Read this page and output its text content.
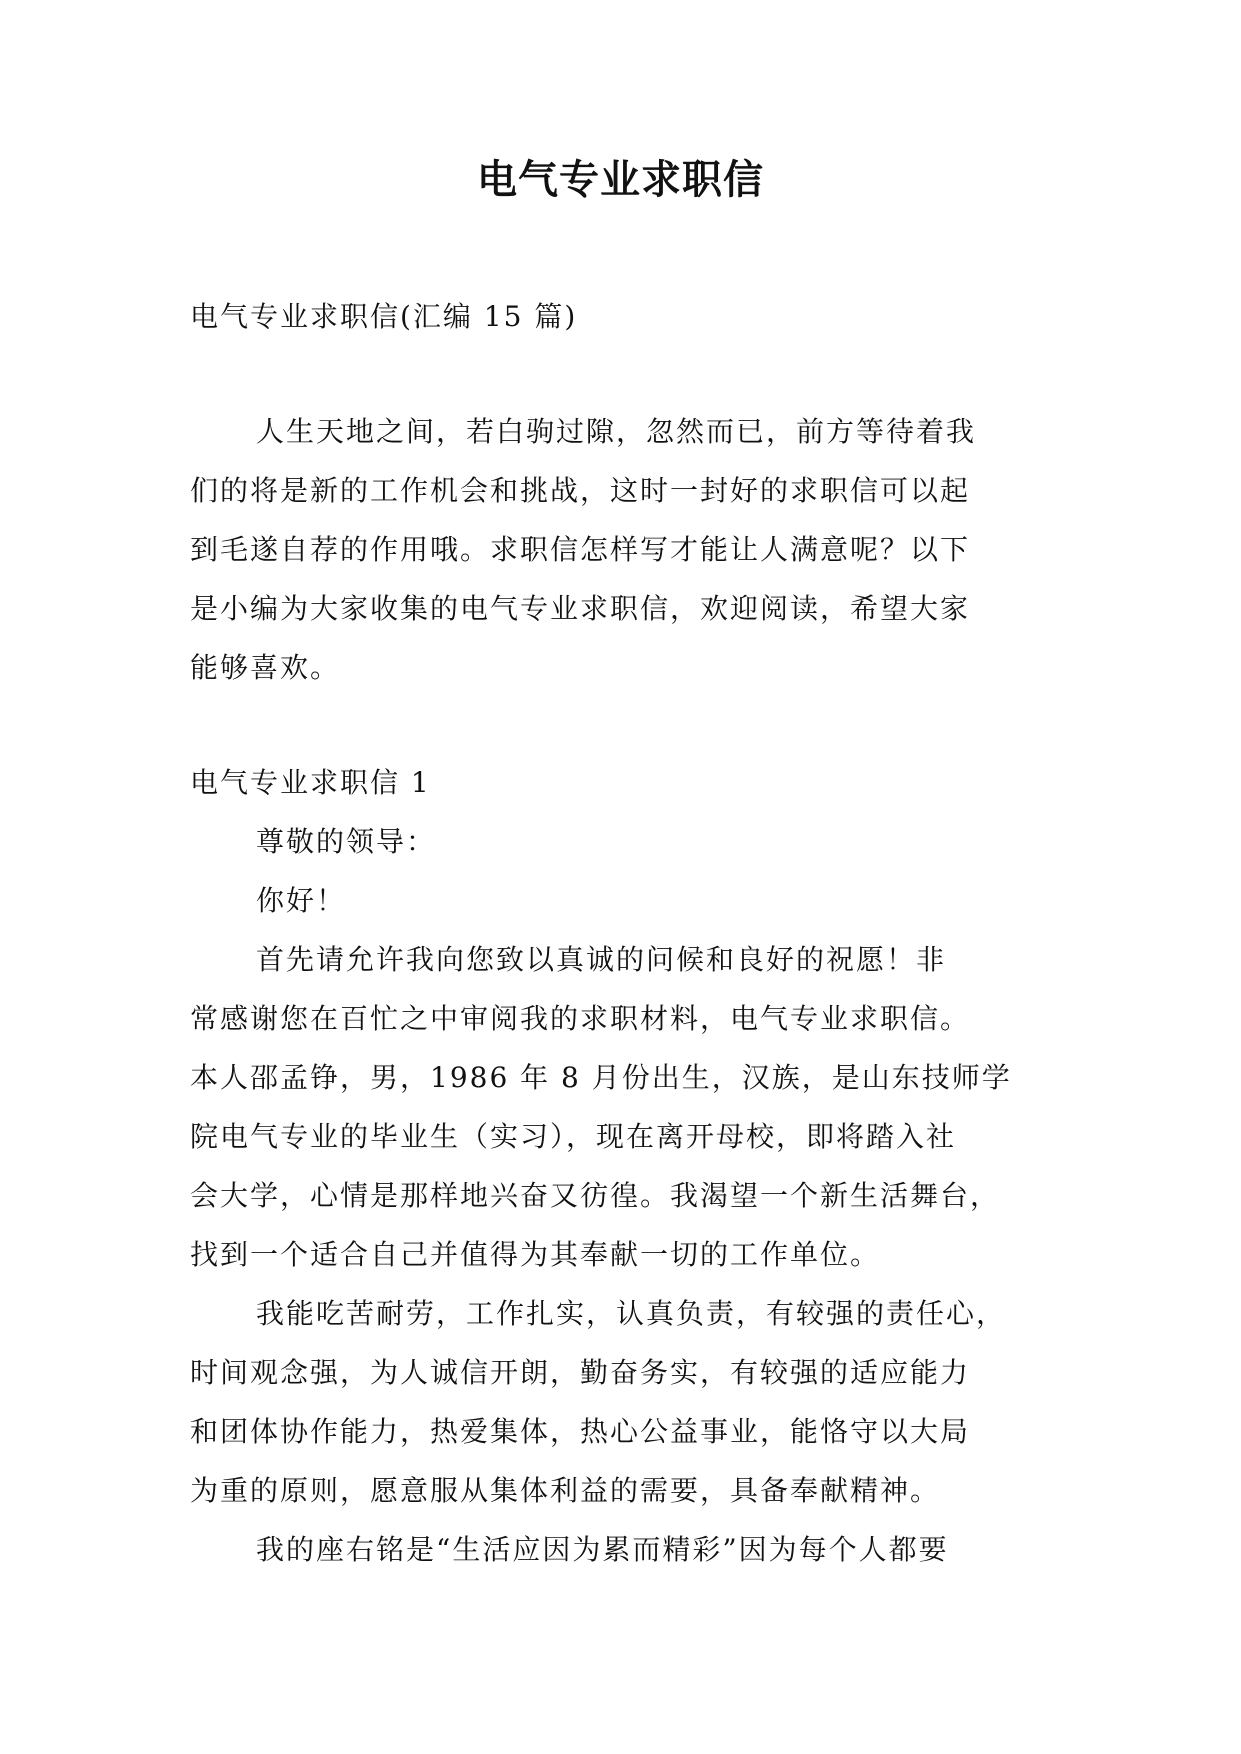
电气专业求职信
电气专业求职信(汇编 15 篇)
人生天地之间，若白驹过隙，忽然而已，前方等待着我
们的将是新的工作机会和挑战，这时一封好的求职信可以起
到毛遂自荐的作用哦。求职信怎样写才能让人满意呢？以下
是小编为大家收集的电气专业求职信，欢迎阅读，希望大家
能够喜欢。
电气专业求职信 1
尊敬的领导：
你好！
首先请允许我向您致以真诚的问候和良好的祝愿！非
常感谢您在百忙之中审阅我的求职材料，电气专业求职信。
本人邵孟铮，男，1986 年 8 月份出生，汉族，是山东技师学
院电气专业的毕业生（实习），现在离开母校，即将踏入社
会大学，心情是那样地兴奋又彷徨。我渴望一个新生活舞台，
找到一个适合自己并值得为其奉献一切的工作单位。
我能吃苦耐劳，工作扎实，认真负责，有较强的责任心，
时间观念强，为人诚信开朗，勤奋务实，有较强的适应能力
和团体协作能力，热爱集体，热心公益事业，能恪守以大局
为重的原则，愿意服从集体利益的需要，具备奉献精神。
我的座右铭是“生活应因为累而精彩”因为每个人都要
